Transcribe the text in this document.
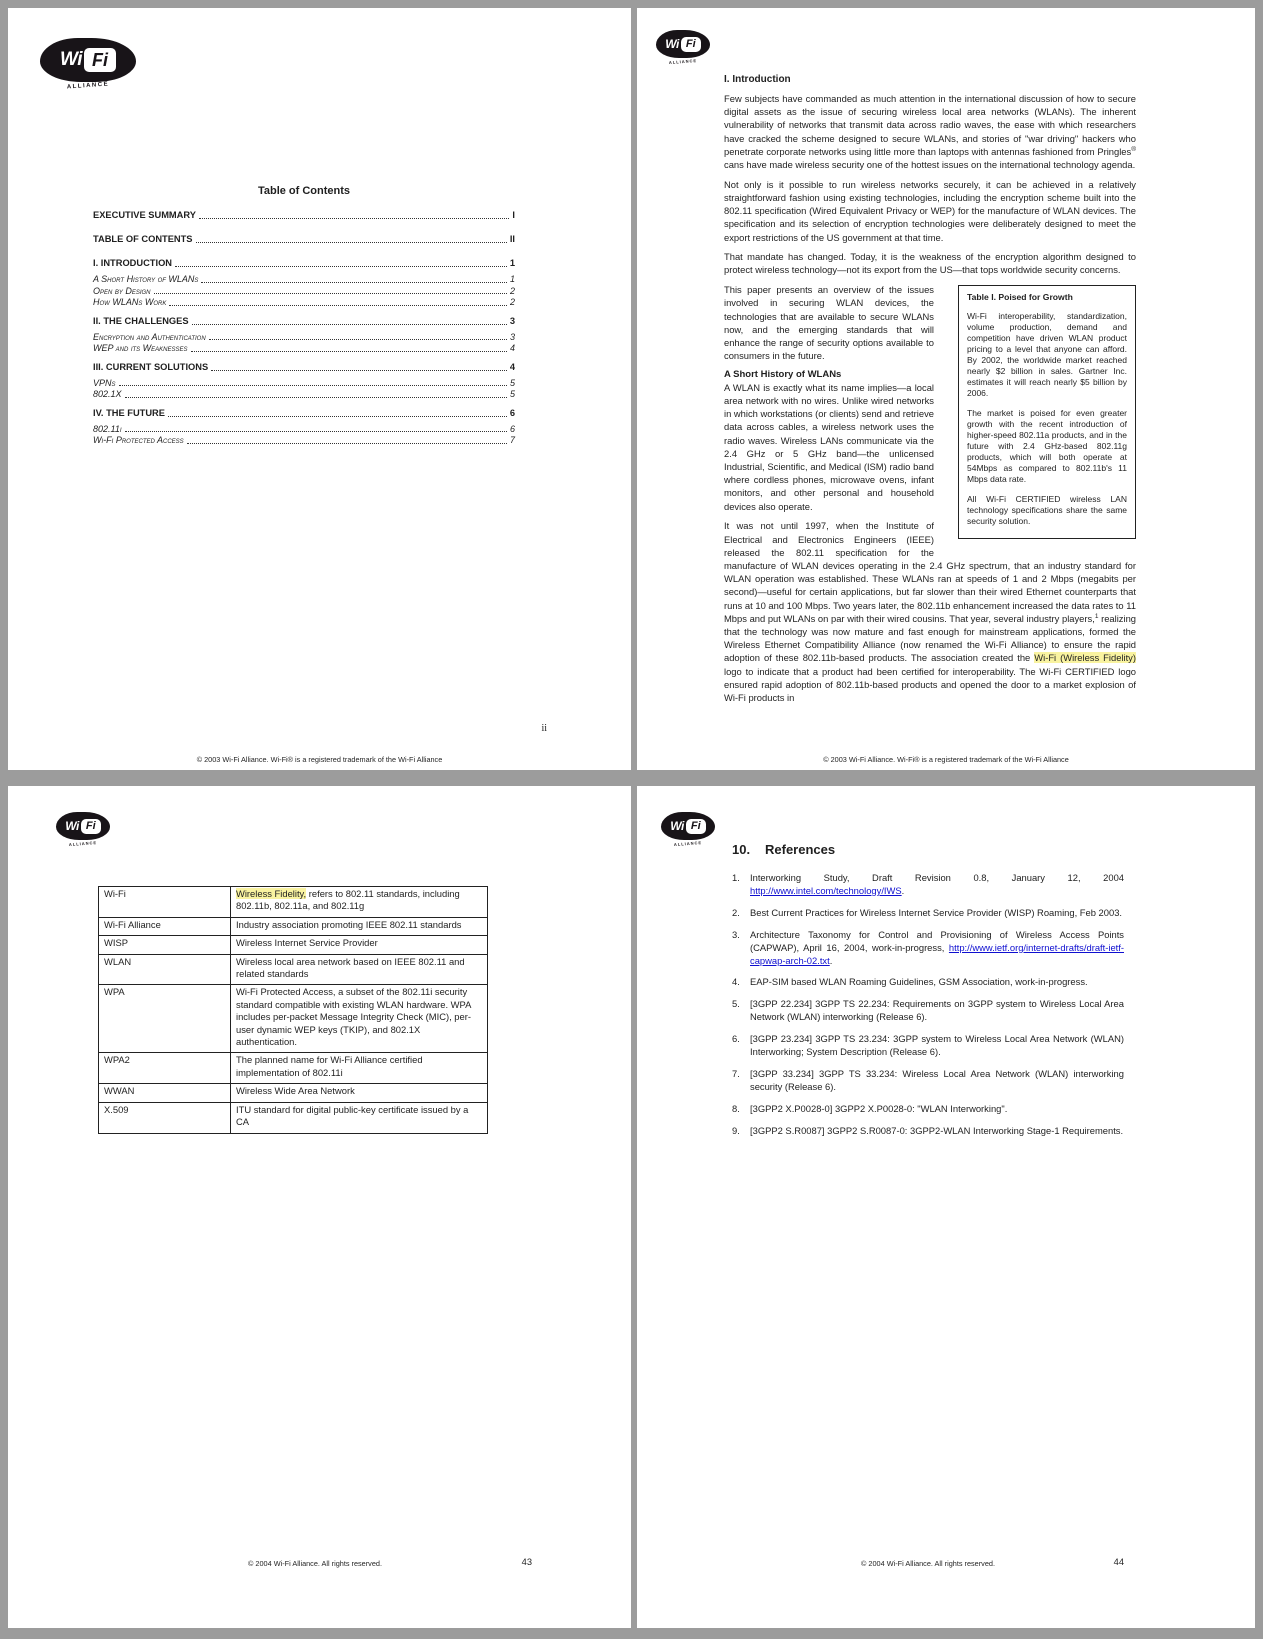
Wi Fi
ALLIANCE
Table of Contents
EXECUTIVE SUMMARY	I
TABLE OF CONTENTS	II
I. INTRODUCTION	1
A Short History of WLANs	1
Open by Design	2
How WLANs Work	2
II. THE CHALLENGES	3
Encryption and Authentication	3
WEP and its Weaknesses	4
III. CURRENT SOLUTIONS	4
VPNs	5
802.1X	5
IV. THE FUTURE	6
802.11i	6
Wi-Fi Protected Access	7
ii
© 2003 Wi-Fi Alliance. Wi-Fi® is a registered trademark of the Wi-Fi Alliance
Wi Fi
ALLIANCE
I. Introduction

Few subjects have commanded as much attention in the international discussion of how to secure digital assets as the issue of securing wireless local area networks (WLANs). The inherent vulnerability of networks that transmit data across radio waves, the ease with which researchers have cracked the scheme designed to secure WLANs, and stories of "war driving" hackers who penetrate corporate networks using little more than laptops with antennas fashioned from Pringles® cans have made wireless security one of the hottest issues on the international technology agenda.

Not only is it possible to run wireless networks securely, it can be achieved in a relatively straightforward fashion using existing technologies, including the encryption scheme built into the 802.11 specification (Wired Equivalent Privacy or WEP) for the manufacture of WLAN devices. The specification and its selection of encryption technologies were deliberately designed to meet the export restrictions of the US government at that time.

That mandate has changed. Today, it is the weakness of the encryption algorithm designed to protect wireless technology—not its export from the US—that tops worldwide security concerns.

Table I. Poised for Growth

Wi-Fi interoperability, standardization, volume production, demand and competition have driven WLAN product pricing to a level that anyone can afford. By 2002, the worldwide market reached nearly $2 billion in sales. Gartner Inc. estimates it will reach nearly $5 billion by 2006.

The market is poised for even greater growth with the recent introduction of higher-speed 802.11a products, and in the future with 2.4 GHz-based 802.11g products, which will both operate at 54Mbps as compared to 802.11b's 11 Mbps data rate.

All Wi-Fi CERTIFIED wireless LAN technology specifications share the same security solution.

This paper presents an overview of the issues involved in securing WLAN devices, the technologies that are available to secure WLANs now, and the emerging standards that will enhance the range of security options available to consumers in the future.

A Short History of WLANs

A WLAN is exactly what its name implies—a local area network with no wires. Unlike wired networks in which workstations (or clients) send and retrieve data across cables, a wireless network uses the radio waves. Wireless LANs communicate via the 2.4 GHz or 5 GHz band—the unlicensed Industrial, Scientific, and Medical (ISM) radio band where cordless phones, microwave ovens, infant monitors, and other personal and household devices also operate.

It was not until 1997, when the Institute of Electrical and Electronics Engineers (IEEE) released the 802.11 specification for the manufacture of WLAN devices operating in the 2.4 GHz spectrum, that an industry standard for WLAN operation was established. These WLANs ran at speeds of 1 and 2 Mbps (megabits per second)—useful for certain applications, but far slower than their wired Ethernet counterparts that runs at 10 and 100 Mbps. Two years later, the 802.11b enhancement increased the data rates to 11 Mbps and put WLANs on par with their wired cousins. That year, several industry players,$^1$ realizing that the technology was now mature and fast enough for mainstream applications, formed the Wireless Ethernet Compatibility Alliance (now renamed the Wi-Fi Alliance) to ensure the rapid adoption of these 802.11b-based products. The association created the Wi-Fi (Wireless Fidelity) logo to indicate that a product had been certified for interoperability. The Wi-Fi CERTIFIED logo ensured rapid adoption of 802.11b-based products and opened the door to a market explosion of Wi-Fi products in

© 2003 Wi-Fi Alliance. Wi-Fi® is a registered trademark of the Wi-Fi Alliance
Wi Fi
ALLIANCE
Wi-Fi	Wireless Fidelity, refers to 802.11 standards, including 802.11b, 802.11a, and 802.11g
Wi-Fi Alliance	Industry association promoting IEEE 802.11 standards
WISP	Wireless Internet Service Provider
WLAN	Wireless local area network based on IEEE 802.11 and related standards
WPA	Wi-Fi Protected Access, a subset of the 802.11i security standard compatible with existing WLAN hardware. WPA includes per-packet Message Integrity Check (MIC), per-user dynamic WEP keys (TKIP), and 802.1X authentication.
WPA2	The planned name for Wi-Fi Alliance certified implementation of 802.11i
WWAN	Wireless Wide Area Network
X.509	ITU standard for digital public-key certificate issued by a CA
© 2004 Wi-Fi Alliance. All rights reserved.	43
Wi Fi
ALLIANCE	10.	References
1. Interworking Study, Draft Revision 0.8, January 12, 2004 http://www.intel.com/technology/IWS.
2. Best Current Practices for Wireless Internet Service Provider (WISP) Roaming, Feb 2003.
3. Architecture Taxonomy for Control and Provisioning of Wireless Access Points (CAPWAP), April 16, 2004, work-in-progress, http://www.ietf.org/internet-drafts/draft-ietf-capwap-arch-02.txt.
4. EAP-SIM based WLAN Roaming Guidelines, GSM Association, work-in-progress.
5. [3GPP 22.234] 3GPP TS 22.234: Requirements on 3GPP system to Wireless Local Area Network (WLAN) interworking (Release 6).
6. [3GPP 23.234] 3GPP TS 23.234: 3GPP system to Wireless Local Area Network (WLAN) Interworking; System Description (Release 6).
7. [3GPP 33.234] 3GPP TS 33.234: Wireless Local Area Network (WLAN) interworking security (Release 6).
8. [3GPP2 X.P0028-0] 3GPP2 X.P0028-0: "WLAN Interworking".
9. [3GPP2 S.R0087] 3GPP2 S.R0087-0: 3GPP2-WLAN Interworking Stage-1 Requirements.
© 2004 Wi-Fi Alliance. All rights reserved.	44
